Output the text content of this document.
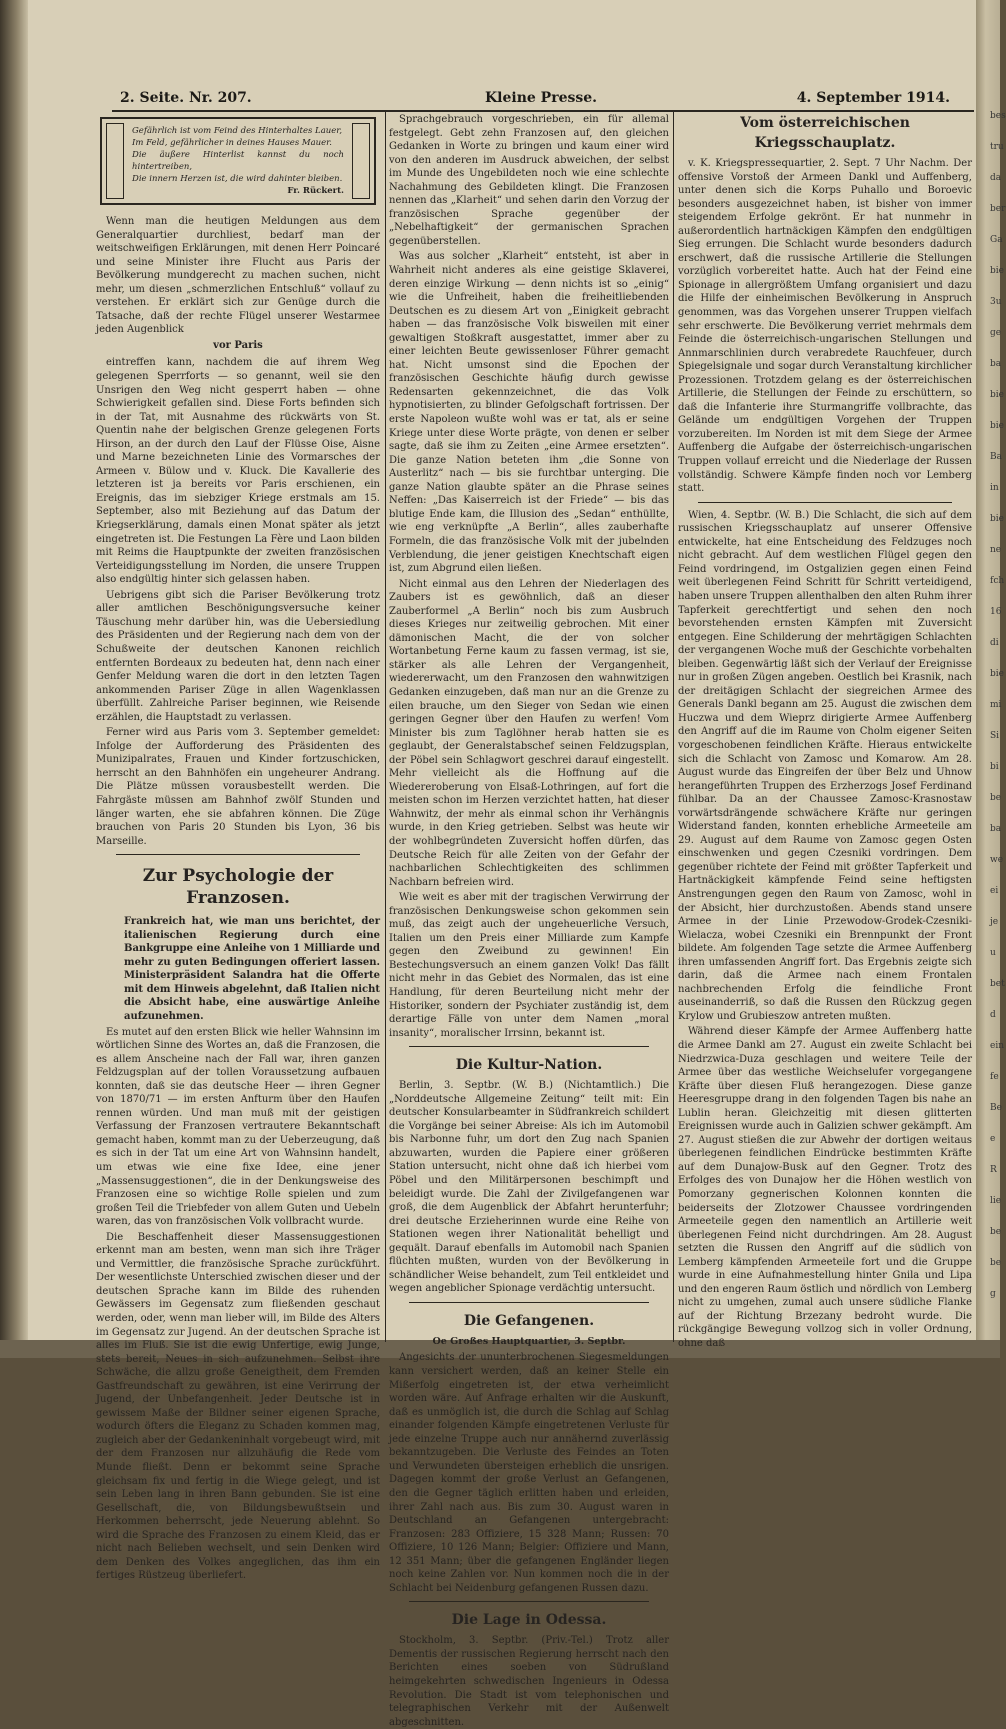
bes
tru
da
ber
Ga
bie
3u
ge
ba
bie
bie
Ba
in
bie
ne
fch
16
di
bie
mi
Si
bi
be
ba
we
ei
je
u
bet
d
ein
fe
Be
e
R
lie
be
be
g
2. Seite. Nr. 207.	Kleine Presse.	4. September 1914.
Gefährlich ist vom Feind des Hinterhaltes Lauer,
Im Feld, gefährlicher in deines Hauses Mauer.
Die äußere Hinterlist kannst du noch hintertreiben,
Die innern Herzen ist, die wird dahinter bleiben.
Fr. Rückert.

Wenn man die heutigen Meldungen aus dem Generalquartier durchliest, bedarf man der weitschweifigen Erklärungen, mit denen Herr Poincaré und seine Minister ihre Flucht aus Paris der Bevölkerung mundgerecht zu machen suchen, nicht mehr, um diesen „schmerzlichen Entschluß“ vollauf zu verstehen. Er erklärt sich zur Genüge durch die Tatsache, daß der rechte Flügel unserer Westarmee jeden Augenblick

vor Paris

eintreffen kann, nachdem die auf ihrem Weg gelegenen Sperrforts — so genannt, weil sie den Unsrigen den Weg nicht gesperrt haben — ohne Schwierigkeit gefallen sind. Diese Forts befinden sich in der Tat, mit Ausnahme des rückwärts von St. Quentin nahe der belgischen Grenze gelegenen Forts Hirson, an der durch den Lauf der Flüsse Oise, Aisne und Marne bezeichneten Linie des Vormarsches der Armeen v. Bülow und v. Kluck. Die Kavallerie des letzteren ist ja bereits vor Paris erschienen, ein Ereignis, das im siebziger Kriege erstmals am 15. September, also mit Beziehung auf das Datum der Kriegserklärung, damals einen Monat später als jetzt eingetreten ist. Die Festungen La Fère und Laon bilden mit Reims die Hauptpunkte der zweiten französischen Verteidigungsstellung im Norden, die unsere Truppen also endgültig hinter sich gelassen haben.

Uebrigens gibt sich die Pariser Bevölkerung trotz aller amtlichen Beschönigungsversuche keiner Täuschung mehr darüber hin, was die Uebersiedlung des Präsidenten und der Regierung nach dem von der Schußweite der deutschen Kanonen reichlich entfernten Bordeaux zu bedeuten hat, denn nach einer Genfer Meldung waren die dort in den letzten Tagen ankommenden Pariser Züge in allen Wagenklassen überfüllt. Zahlreiche Pariser beginnen, wie Reisende erzählen, die Hauptstadt zu verlassen.

Ferner wird aus Paris vom 3. September gemeldet: Infolge der Aufforderung des Präsidenten des Munizipalrates, Frauen und Kinder fortzuschicken, herrscht an den Bahnhöfen ein ungeheurer Andrang. Die Plätze müssen vorausbestellt werden. Die Fahrgäste müssen am Bahnhof zwölf Stunden und länger warten, ehe sie abfahren können. Die Züge brauchen von Paris 20 Stunden bis Lyon, 36 bis Marseille.

Zur Psychologie der Franzosen.

Frankreich hat, wie man uns berichtet, der italienischen Regierung durch eine Bankgruppe eine Anleihe von 1 Milliarde und mehr zu guten Bedingungen offeriert lassen. Ministerpräsident Salandra hat die Offerte mit dem Hinweis abgelehnt, daß Italien nicht die Absicht habe, eine auswärtige Anleihe aufzunehmen.

Es mutet auf den ersten Blick wie heller Wahnsinn im wörtlichen Sinne des Wortes an, daß die Franzosen, die es allem Anscheine nach der Fall war, ihren ganzen Feldzugsplan auf der tollen Voraussetzung aufbauen konnten, daß sie das deutsche Heer — ihren Gegner von 1870/71 — im ersten Anfturm über den Haufen rennen würden. Und man muß mit der geistigen Verfassung der Franzosen vertrautere Bekanntschaft gemacht haben, kommt man zu der Ueberzeugung, daß es sich in der Tat um eine Art von Wahnsinn handelt, um etwas wie eine fixe Idee, eine jener „Massensuggestionen“, die in der Denkungsweise des Franzosen eine so wichtige Rolle spielen und zum großen Teil die Triebfeder von allem Guten und Uebeln waren, das von französischen Volk vollbracht wurde.

Die Beschaffenheit dieser Massensuggestionen erkennt man am besten, wenn man sich ihre Träger und Vermittler, die französische Sprache zurückführt. Der wesentlichste Unterschied zwischen dieser und der deutschen Sprache kann im Bilde des ruhenden Gewässers im Gegensatz zum fließenden geschaut werden, oder, wenn man lieber will, im Bilde des Alters im Gegensatz zur Jugend. An der deutschen Sprache ist alles im Fluß. Sie ist die ewig Unfertige, ewig Junge, stets bereit, Neues in sich aufzunehmen. Selbst ihre Schwäche, die allzu große Geneigtheit, dem Fremden Gastfreundschaft zu gewähren, ist eine Verirrung der Jugend, der Unbefangenheit. Jeder Deutsche ist in gewissem Maße der Bildner seiner eigenen Sprache, wodurch öfters die Eleganz zu Schaden kommen mag, zugleich aber der Gedankeninhalt vorgebeugt wird, mit der dem Franzosen nur allzuhäufig die Rede vom Munde fließt. Denn er bekommt seine Sprache gleichsam fix und fertig in die Wiege gelegt, und ist sein Leben lang in ihren Bann gebunden. Sie ist eine Gesellschaft, die, von Bildungsbewußtsein und Herkommen beherrscht, jede Neuerung ablehnt. So wird die Sprache des Franzosen zu einem Kleid, das er nicht nach Belieben wechselt, und sein Denken wird dem Denken des Volkes angeglichen, das ihm ein fertiges Rüstzeug überliefert.

Sprachgebrauch vorgeschrieben, ein für allemal festgelegt. Gebt zehn Franzosen auf, den gleichen Gedanken in Worte zu bringen und kaum einer wird von den anderen im Ausdruck abweichen, der selbst im Munde des Ungebildeten noch wie eine schlechte Nachahmung des Gebildeten klingt. Die Franzosen nennen das „Klarheit“ und sehen darin den Vorzug der französischen Sprache gegenüber der „Nebelhaftigkeit“ der germanischen Sprachen gegenüberstellen.

Was aus solcher „Klarheit“ entsteht, ist aber in Wahrheit nicht anderes als eine geistige Sklaverei, deren einzige Wirkung — denn nichts ist so „einig“ wie die Unfreiheit, haben die freiheitliebenden Deutschen es zu diesem Art von „Einigkeit gebracht haben — das französische Volk bisweilen mit einer gewaltigen Stoßkraft ausgestattet, immer aber zu einer leichten Beute gewissenloser Führer gemacht hat. Nicht umsonst sind die Epochen der französischen Geschichte häufig durch gewisse Redensarten gekennzeichnet, die das Volk hypnotisierten, zu blinder Gefolgschaft fortrissen. Der erste Napoleon wußte wohl was er tat, als er seine Kriege unter diese Worte prägte, von denen er selber sagte, daß sie ihm zu Zeiten „eine Armee ersetzten“. Die ganze Nation beteten ihm „die Sonne von Austerlitz“ nach — bis sie furchtbar unterging. Die ganze Nation glaubte später an die Phrase seines Neffen: „Das Kaiserreich ist der Friede“ — bis das blutige Ende kam, die Illusion des „Sedan“ enthüllte, wie eng verknüpfte „A Berlin“, alles zauberhafte Formeln, die das französische Volk mit der jubelnden Verblendung, die jener geistigen Knechtschaft eigen ist, zum Abgrund eilen ließen.

Nicht einmal aus den Lehren der Niederlagen des Zaubers ist es gewöhnlich, daß an dieser Zauberformel „A Berlin“ noch bis zum Ausbruch dieses Krieges nur zeitweilig gebrochen. Mit einer dämonischen Macht, die der von solcher Wortanbetung Ferne kaum zu fassen vermag, ist sie, stärker als alle Lehren der Vergangenheit, wiedererwacht, um den Franzosen den wahnwitzigen Gedanken einzugeben, daß man nur an die Grenze zu eilen brauche, um den Sieger von Sedan wie einen geringen Gegner über den Haufen zu werfen! Vom Minister bis zum Taglöhner herab hatten sie es geglaubt, der Generalstabschef seinen Feldzugsplan, der Pöbel sein Schlagwort geschrei darauf eingestellt. Mehr vielleicht als die Hoffnung auf die Wiedereroberung von Elsaß-Lothringen, auf fort die meisten schon im Herzen verzichtet hatten, hat dieser Wahnwitz, der mehr als einmal schon ihr Verhängnis wurde, in den Krieg getrieben. Selbst was heute wir der wohlbegründeten Zuversicht hoffen dürfen, das Deutsche Reich für alle Zeiten von der Gefahr der nachbarlichen Schlechtigkeiten des schlimmen Nachbarn befreien wird.

Wie weit es aber mit der tragischen Verwirrung der französischen Denkungsweise schon gekommen sein muß, das zeigt auch der ungeheuerliche Versuch, Italien um den Preis einer Milliarde zum Kampfe gegen den Zweibund zu gewinnen! Ein Bestechungsversuch an einem ganzen Volk! Das fällt nicht mehr in das Gebiet des Normalen, das ist eine Handlung, für deren Beurteilung nicht mehr der Historiker, sondern der Psychiater zuständig ist, dem derartige Fälle von unter dem Namen „moral insanity“, moralischer Irrsinn, bekannt ist.

Die Kultur-Nation.

Berlin, 3. Septbr. (W. B.) (Nichtamtlich.) Die „Norddeutsche Allgemeine Zeitung“ teilt mit: Ein deutscher Konsularbeamter in Südfrankreich schildert die Vorgänge bei seiner Abreise: Als ich im Automobil bis Narbonne fuhr, um dort den Zug nach Spanien abzuwarten, wurden die Papiere einer größeren Station untersucht, nicht ohne daß ich hierbei vom Pöbel und den Militärpersonen beschimpft und beleidigt wurde. Die Zahl der Zivilgefangenen war groß, die dem Augenblick der Abfahrt herunterfuhr; drei deutsche Erzieherinnen wurde eine Reihe von Stationen wegen ihrer Nationalität behelligt und gequält. Darauf ebenfalls im Automobil nach Spanien flüchten mußten, wurden von der Bevölkerung in schändlicher Weise behandelt, zum Teil entkleidet und wegen angeblicher Spionage verdächtig untersucht.

Die Gefangenen.
Oe Großes Hauptquartier, 3. Septbr.

Angesichts der ununterbrochenen Siegesmeldungen kann versichert werden, daß an keiner Stelle ein Mißerfolg eingetreten ist, der etwa verheimlicht worden wäre. Auf Anfrage erhalten wir die Auskunft, daß es unmöglich ist, die durch die Schlag auf Schlag einander folgenden Kämpfe eingetretenen Verluste für jede einzelne Truppe auch nur annähernd zuverlässig bekanntzugeben. Die Verluste des Feindes an Toten und Verwundeten übersteigen erheblich die unsrigen. Dagegen kommt der große Verlust an Gefangenen, den die Gegner täglich erlitten haben und erleiden, ihrer Zahl nach aus. Bis zum 30. August waren in Deutschland an Gefangenen untergebracht: Franzosen: 283 Offiziere, 15 328 Mann; Russen: 70 Offiziere, 10 126 Mann; Belgier: Offiziere und Mann, 12 351 Mann; über die gefangenen Engländer liegen noch keine Zahlen vor. Nun kommen noch die in der Schlacht bei Neidenburg gefangenen Russen dazu.

Die Lage in Odessa.

Stockholm, 3. Septbr. (Priv.-Tel.) Trotz aller Dementis der russischen Regierung herrscht nach den Berichten eines soeben von Südrußland heimgekehrten schwedischen Ingenieurs in Odessa Revolution. Die Stadt ist vom telephonischen und telegraphischen Verkehr mit der Außenwelt abgeschnitten.

Vom österreichischen Kriegsschauplatz.

v. K. Kriegspressequartier, 2. Sept. 7 Uhr Nachm. Der offensive Vorstoß der Armeen Dankl und Auffenberg, unter denen sich die Korps Puhallo und Boroevic besonders ausgezeichnet haben, ist bisher von immer steigendem Erfolge gekrönt. Er hat nunmehr in außerordentlich hartnäckigen Kämpfen den endgültigen Sieg errungen. Die Schlacht wurde besonders dadurch erschwert, daß die russische Artillerie die Stellungen vorzüglich vorbereitet hatte. Auch hat der Feind eine Spionage in allergrößtem Umfang organisiert und dazu die Hilfe der einheimischen Bevölkerung in Anspruch genommen, was das Vorgehen unserer Truppen vielfach sehr erschwerte. Die Bevölkerung verriet mehrmals dem Feinde die österreichisch-ungarischen Stellungen und Annmarschlinien durch verabredete Rauchfeuer, durch Spiegelsignale und sogar durch Veranstaltung kirchlicher Prozessionen. Trotzdem gelang es der österreichischen Artillerie, die Stellungen der Feinde zu erschüttern, so daß die Infanterie ihre Sturmangriffe vollbrachte, das Gelände um endgültigen Vorgehen der Truppen vorzubereiten. Im Norden ist mit dem Siege der Armee Auffenberg die Aufgabe der österreichisch-ungarischen Truppen vollauf erreicht und die Niederlage der Russen vollständig. Schwere Kämpfe finden noch vor Lemberg statt.

Wien, 4. Septbr. (W. B.) Die Schlacht, die sich auf dem russischen Kriegsschauplatz auf unserer Offensive entwickelte, hat eine Entscheidung des Feldzuges noch nicht gebracht. Auf dem westlichen Flügel gegen den Feind vordringend, im Ostgalizien gegen einen Feind weit überlegenen Feind Schritt für Schritt verteidigend, haben unsere Truppen allenthalben den alten Ruhm ihrer Tapferkeit gerechtfertigt und sehen den noch bevorstehenden ernsten Kämpfen mit Zuversicht entgegen. Eine Schilderung der mehrtägigen Schlachten der vergangenen Woche muß der Geschichte vorbehalten bleiben. Gegenwärtig läßt sich der Verlauf der Ereignisse nur in großen Zügen angeben. Oestlich bei Krasnik, nach der dreitägigen Schlacht der siegreichen Armee des Generals Dankl begann am 25. August die zwischen dem Huczwa und dem Wieprz dirigierte Armee Auffenberg den Angriff auf die im Raume von Cholm eigener Seiten vorgeschobenen feindlichen Kräfte. Hieraus entwickelte sich die Schlacht von Zamosc und Komarow. Am 28. August wurde das Eingreifen der über Belz und Uhnow herangeführten Truppen des Erzherzogs Josef Ferdinand fühlbar. Da an der Chaussee Zamosc-Krasnostaw vorwärtsdrängende schwächere Kräfte nur geringen Widerstand fanden, konnten erhebliche Armeeteile am 29. August auf dem Raume von Zamosc gegen Osten einschwenken und gegen Czesniki vordringen. Dem gegenüber richtete der Feind mit größter Tapferkeit und Hartnäckigkeit kämpfende Feind seine heftigsten Anstrengungen gegen den Raum von Zamosc, wohl in der Absicht, hier durchzustoßen. Abends stand unsere Armee in der Linie Przewodow-Grodek-Czesniki-Wielacza, wobei Czesniki ein Brennpunkt der Front bildete. Am folgenden Tage setzte die Armee Auffenberg ihren umfassenden Angriff fort. Das Ergebnis zeigte sich darin, daß die Armee nach einem Frontalen nachbrechenden Erfolg die feindliche Front auseinanderriß, so daß die Russen den Rückzug gegen Krylow und Grubieszow antreten mußten.

Während dieser Kämpfe der Armee Auffenberg hatte die Armee Dankl am 27. August ein zweite Schlacht bei Niedrzwica-Duza geschlagen und weitere Teile der Armee über das westliche Weichselufer vorgegangene Kräfte über diesen Fluß herangezogen. Diese ganze Heeresgruppe drang in den folgenden Tagen bis nahe an Lublin heran. Gleichzeitig mit diesen glitterten Ereignissen wurde auch in Galizien schwer gekämpft. Am 27. August stießen die zur Abwehr der dortigen weitaus überlegenen feindlichen Eindrücke bestimmten Kräfte auf dem Dunajow-Busk auf den Gegner. Trotz des Erfolges des von Dunajow her die Höhen westlich von Pomorzany gegnerischen Kolonnen konnten die beiderseits der Zlotzower Chaussee vordringenden Armeeteile gegen den namentlich an Artillerie weit überlegenen Feind nicht durchdringen. Am 28. August setzten die Russen den Angriff auf die südlich von Lemberg kämpfenden Armeeteile fort und die Gruppe wurde in eine Aufnahmestellung hinter Gnila und Lipa und den engeren Raum östlich und nördlich von Lemberg nicht zu umgehen, zumal auch unsere südliche Flanke auf der Richtung Brzezany bedroht wurde. Die rückgängige Bewegung vollzog sich in voller Ordnung, ohne daß
